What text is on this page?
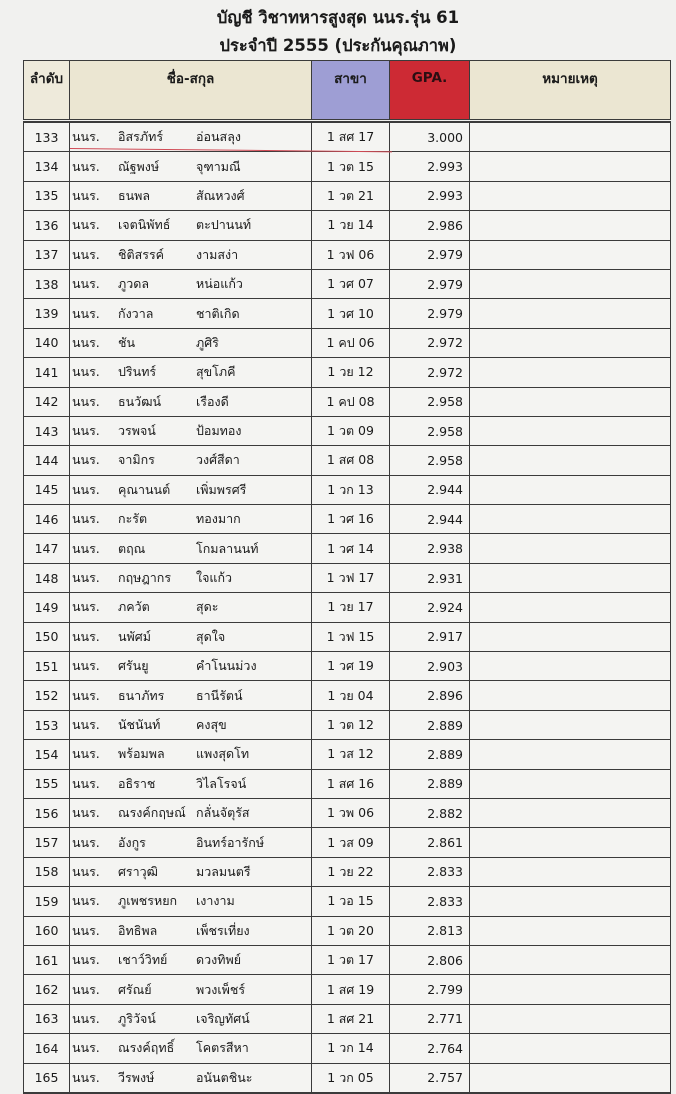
บัญชี วิชาทหารสูงสุด นนร.รุ่น 61
ประจำปี 2555 (ประกันคุณภาพ)
ลำดับ	ชื่อ-สกุล	สาขา	GPA.	หมายเหตุ
133	นนร. อิสรภัทร์ อ่อนสลุง	1 สศ 17	3.000	
134	นนร. ณัฐพงษ์ จุฑามณี	1 วต 15	2.993	
135	นนร. ธนพล สัณหวงศ์	1 วต 21	2.993	
136	นนร. เจตนิพัทธ์ ตะปานนท์	1 วย 14	2.986	
137	นนร. ชิติสรรค์ งามสง่า	1 วฟ 06	2.979	
138	นนร. ภูวดล หน่อแก้ว	1 วศ 07	2.979	
139	นนร. กังวาล ชาติเกิด	1 วศ 10	2.979	
140	นนร. ชัน ภูศิริ	1 คป 06	2.972	
141	นนร. ปรินทร์ สุขโภคี	1 วย 12	2.972	
142	นนร. ธนวัฒน์ เรืองดี	1 คป 08	2.958	
143	นนร. วรพจน์ ป้อมทอง	1 วต 09	2.958	
144	นนร. จามิกร วงศ์สีดา	1 สศ 08	2.958	
145	นนร. คุณานนต์ เพิ่มพรศรี	1 วก 13	2.944	
146	นนร. กะรัต ทองมาก	1 วศ 16	2.944	
147	นนร. ตฤณ โกมลานนท์	1 วศ 14	2.938	
148	นนร. กฤษฎากร ใจแก้ว	1 วฟ 17	2.931	
149	นนร. ภควัต สุดะ	1 วย 17	2.924	
150	นนร. นพัศม์ สุดใจ	1 วฟ 15	2.917	
151	นนร. ศรันยู คำโนนม่วง	1 วศ 19	2.903	
152	นนร. ธนาภัทร ธานีรัตน์	1 วย 04	2.896	
153	นนร. นัชนันท์ คงสุข	1 วต 12	2.889	
154	นนร. พร้อมพล แพงสุดโท	1 วส 12	2.889	
155	นนร. อธิราช วิไลโรจน์	1 สศ 16	2.889	
156	นนร. ณรงค์กฤษณ์ กลั่นจัตุรัส	1 วพ 06	2.882	
157	นนร. อังกูร อินทร์อารักษ์	1 วส 09	2.861	
158	นนร. ศราวุฒิ มวลมนตรี	1 วย 22	2.833	
159	นนร. ภูเพชรหยก เงางาม	1 วอ 15	2.833	
160	นนร. อิทธิพล เพ็ชรเที่ยง	1 วต 20	2.813	
161	นนร. เชาว์วิทย์ ดวงทิพย์	1 วต 17	2.806	
162	นนร. ศรัณย์ พวงเพ็ชร์	1 สศ 19	2.799	
163	นนร. ภูริวัจน์ เจริญทัศน์	1 สศ 21	2.771	
164	นนร. ณรงค์ฤทธิ์ โคตรสีหา	1 วก 14	2.764	
165	นนร. วีรพงษ์ อนันตชินะ	1 วก 05	2.757	
